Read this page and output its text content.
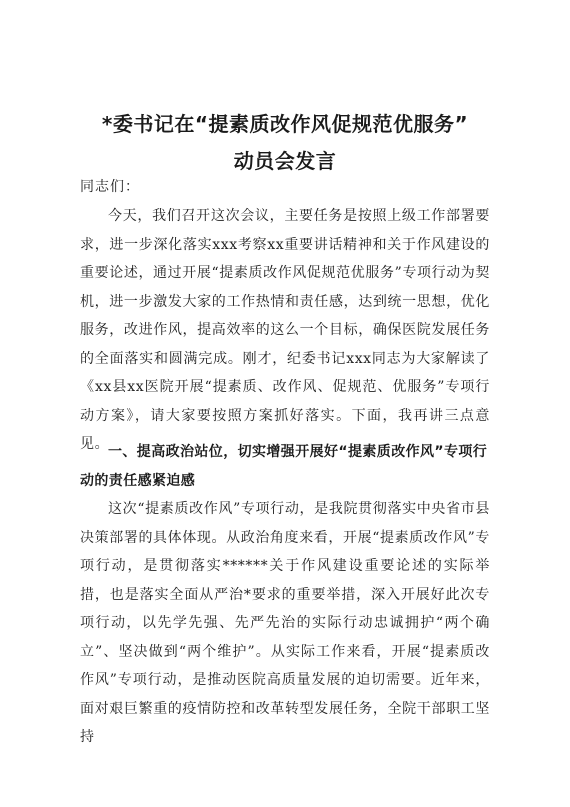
*委书记在“提素质改作风促规范优服务”
动员会发言
同志们：
今天，我们召开这次会议，主要任务是按照上级工作部署要求，进一步深化落实xxx考察xx重要讲话精神和关于作风建设的重要论述，通过开展“提素质改作风促规范优服务”专项行动为契机，进一步激发大家的工作热情和责任感，达到统一思想，优化服务，改进作风，提高效率的这么一个目标，确保医院发展任务的全面落实和圆满完成。刚才，纪委书记xxx同志为大家解读了《xx县xx医院开展“提素质、改作风、促规范、优服务”专项行动方案》，请大家要按照方案抓好落实。下面，我再讲三点意见。
一、提高政治站位，切实增强开展好“提素质改作风”专项行动的责任感紧迫感
这次“提素质改作风”专项行动，是我院贯彻落实中央省市县决策部署的具体体现。从政治角度来看，开展“提素质改作风”专项行动，是贯彻落实******关于作风建设重要论述的实际举措，也是落实全面从严治*要求的重要举措，深入开展好此次专项行动，以先学先强、先严先治的实际行动忠诚拥护“两个确立”、坚决做到“两个维护”。从实际工作来看，开展“提素质改作风”专项行动，是推动医院高质量发展的迫切需要。近年来，面对艰巨繁重的疫情防控和改革转型发展任务，全院干部职工坚持
